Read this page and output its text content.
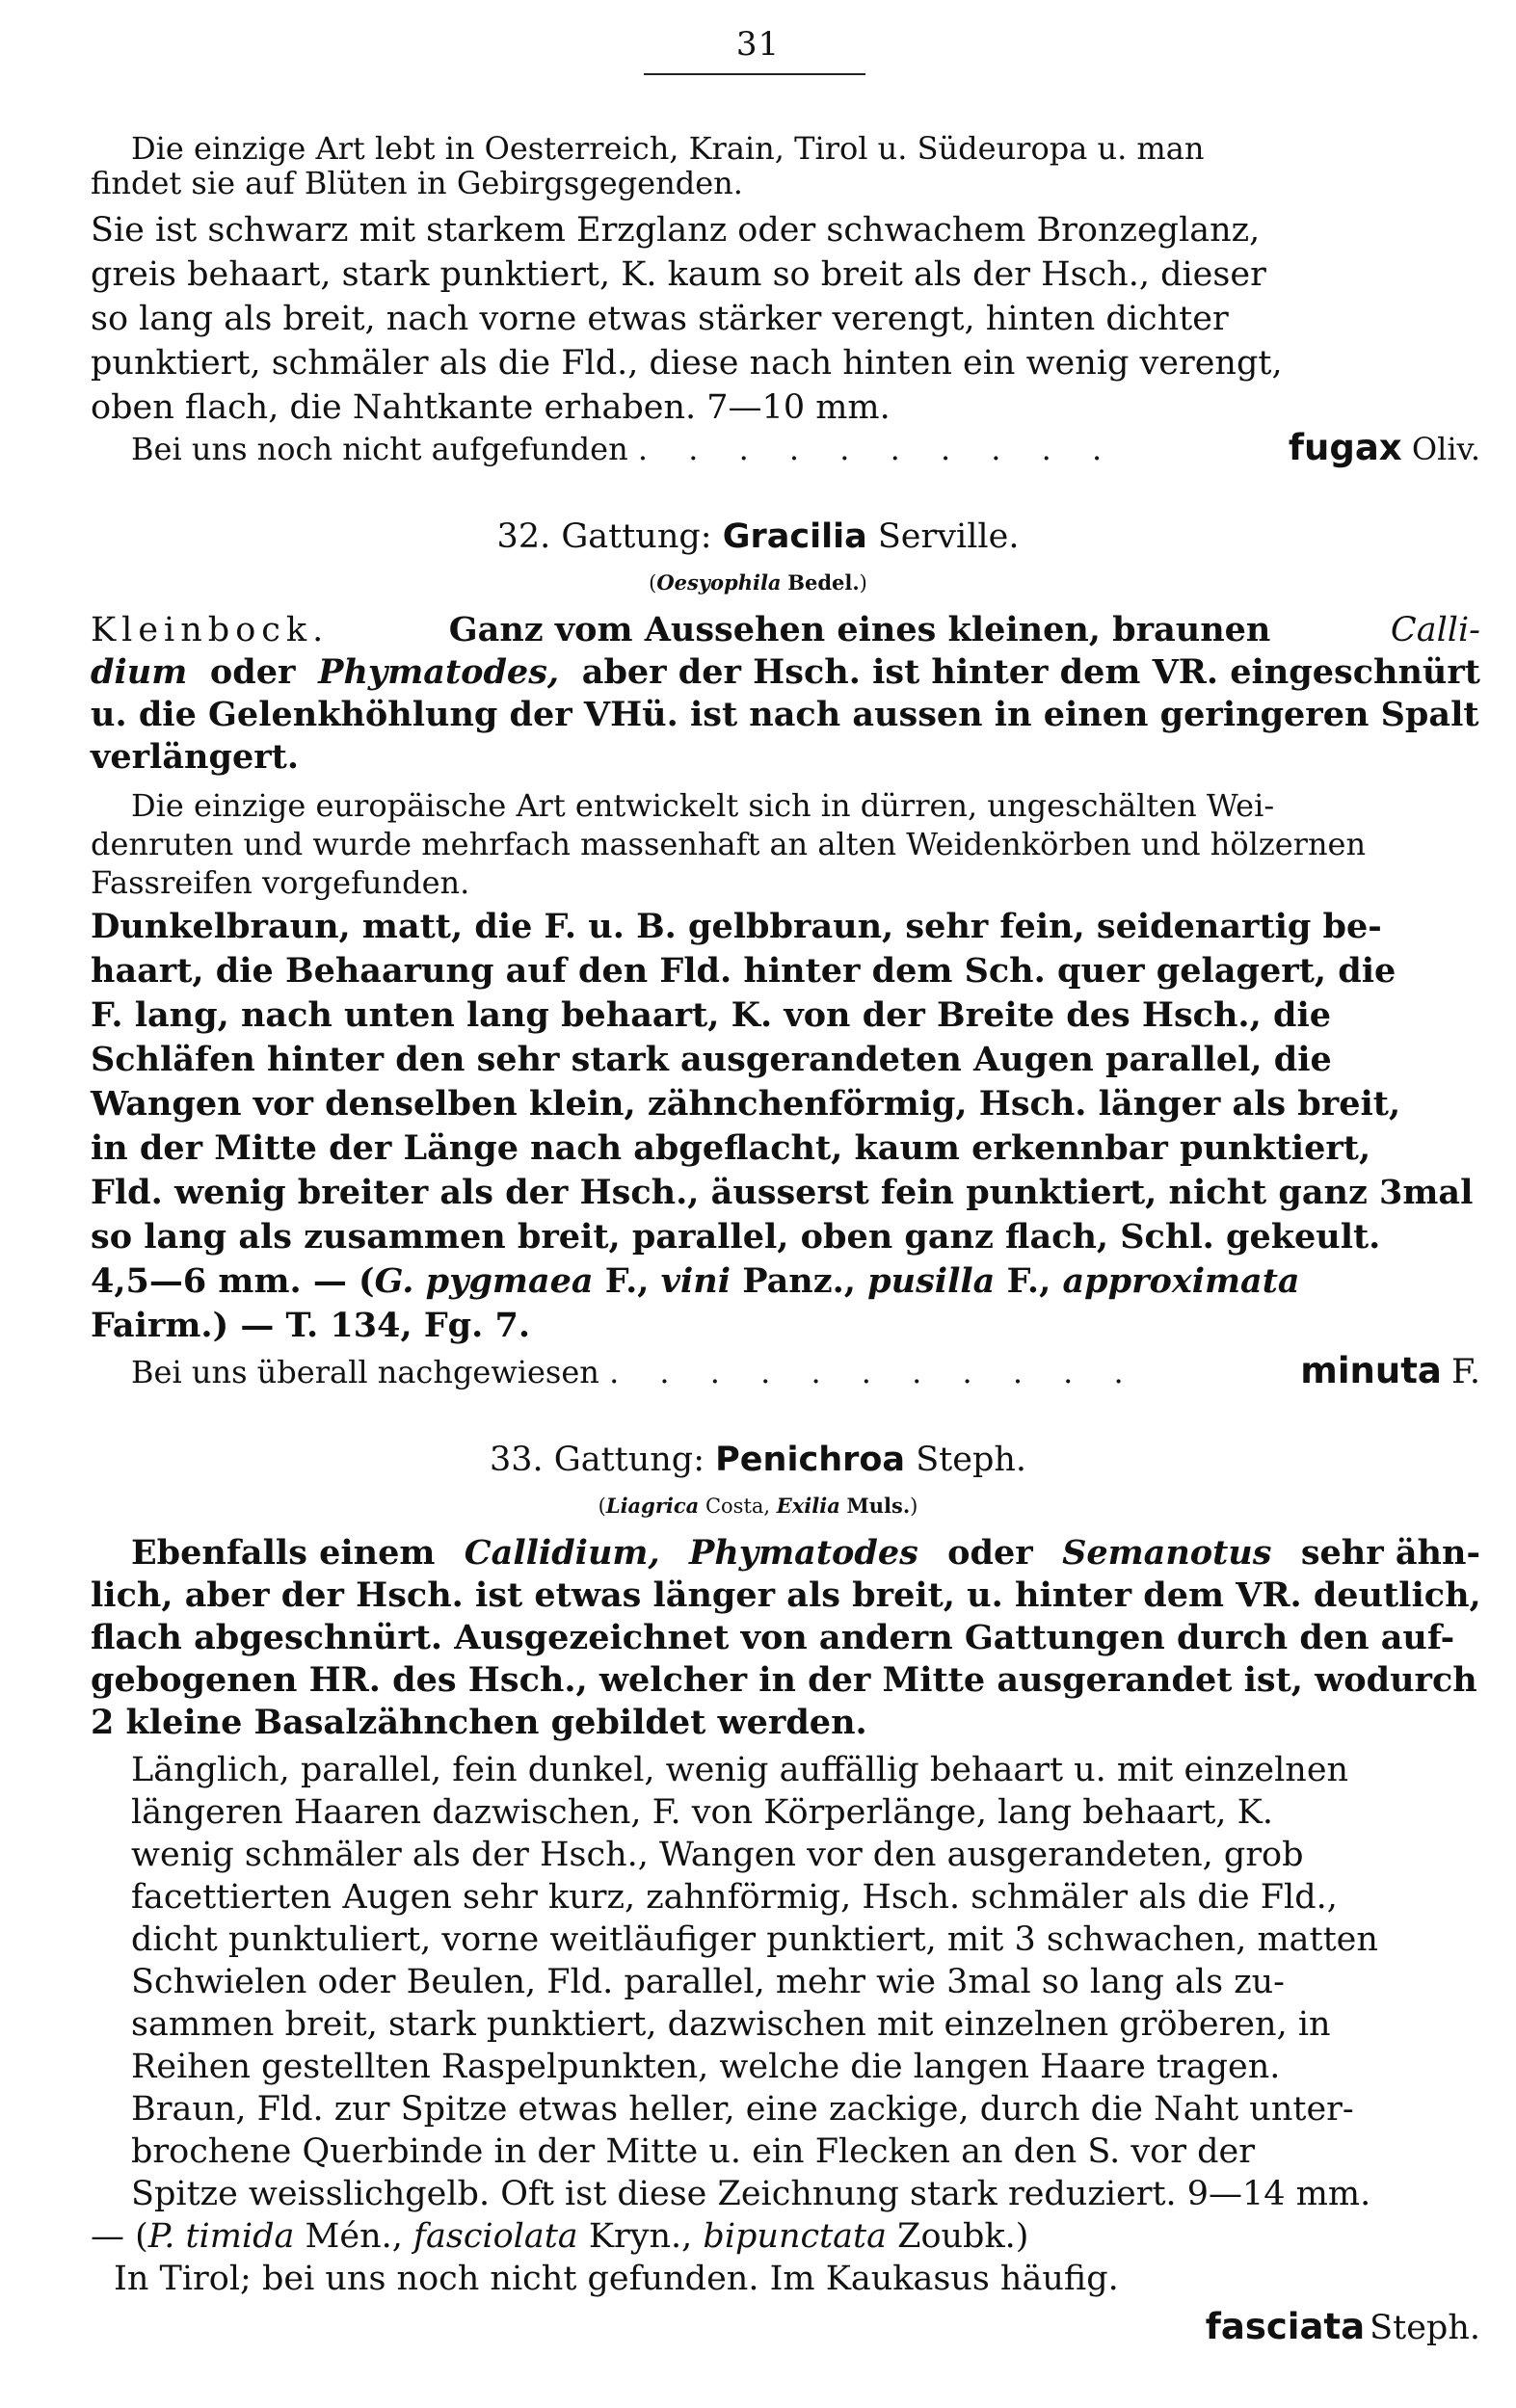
31
Die einzige Art lebt in Oesterreich, Krain, Tirol u. Südeuropa u. man
findet sie auf Blüten in Gebirgsgegenden.
Sie ist schwarz mit starkem Erzglanz oder schwachem Bronzeglanz,
greis behaart, stark punktiert, K. kaum so breit als der Hsch., dieser
so lang als breit, nach vorne etwas stärker verengt, hinten dichter
punktiert, schmäler als die Fld., diese nach hinten ein wenig verengt,
oben flach, die Nahtkante erhaben. 7—10 mm.
Bei uns noch nicht aufgefunden . . . . . . . . . .	fugax Oliv.
32. Gattung: Gracilia Serville.
(Oesyophila Bedel.)
Kleinbock.	Ganz vom Aussehen eines kleinen, braunen	Calli-
dium oder Phymatodes, aber der Hsch. ist hinter dem VR. eingeschnürt
u. die Gelenkhöhlung der VHü. ist nach aussen in einen geringeren Spalt
verlängert.
Die einzige europäische Art entwickelt sich in dürren, ungeschälten Wei-
denruten und wurde mehrfach massenhaft an alten Weidenkörben und hölzernen
Fassreifen vorgefunden.
Dunkelbraun, matt, die F. u. B. gelbbraun, sehr fein, seidenartig be-
haart, die Behaarung auf den Fld. hinter dem Sch. quer gelagert, die
F. lang, nach unten lang behaart, K. von der Breite des Hsch., die
Schläfen hinter den sehr stark ausgerandeten Augen parallel, die
Wangen vor denselben klein, zähnchenförmig, Hsch. länger als breit,
in der Mitte der Länge nach abgeflacht, kaum erkennbar punktiert,
Fld. wenig breiter als der Hsch., äusserst fein punktiert, nicht ganz 3mal
so lang als zusammen breit, parallel, oben ganz flach, Schl. gekeult.
4,5—6 mm. — (G. pygmaea F., vini Panz., pusilla F., approximata
Fairm.) — T. 134, Fg. 7.
Bei uns überall nachgewiesen . . . . . . . . . . .	minuta F.
33. Gattung: Penichroa Steph.
(Liagrica Costa, Exilia Muls.)
Ebenfalls einem Callidium, Phymatodes oder Semanotus sehr ähn-
lich, aber der Hsch. ist etwas länger als breit, u. hinter dem VR. deutlich,
flach abgeschnürt. Ausgezeichnet von andern Gattungen durch den auf-
gebogenen HR. des Hsch., welcher in der Mitte ausgerandet ist, wodurch
2 kleine Basalzähnchen gebildet werden.
Länglich, parallel, fein dunkel, wenig auffällig behaart u. mit einzelnen
längeren Haaren dazwischen, F. von Körperlänge, lang behaart, K.
wenig schmäler als der Hsch., Wangen vor den ausgerandeten, grob
facettierten Augen sehr kurz, zahnförmig, Hsch. schmäler als die Fld.,
dicht punktuliert, vorne weitläufiger punktiert, mit 3 schwachen, matten
Schwielen oder Beulen, Fld. parallel, mehr wie 3mal so lang als zu-
sammen breit, stark punktiert, dazwischen mit einzelnen gröberen, in
Reihen gestellten Raspelpunkten, welche die langen Haare tragen.
Braun, Fld. zur Spitze etwas heller, eine zackige, durch die Naht unter-
brochene Querbinde in der Mitte u. ein Flecken an den S. vor der
Spitze weisslichgelb. Oft ist diese Zeichnung stark reduziert. 9—14 mm.
— (P. timida Mén., fasciolata Kryn., bipunctata Zoubk.)
In Tirol; bei uns noch nicht gefunden. Im Kaukasus häufig.
fasciata Steph.
